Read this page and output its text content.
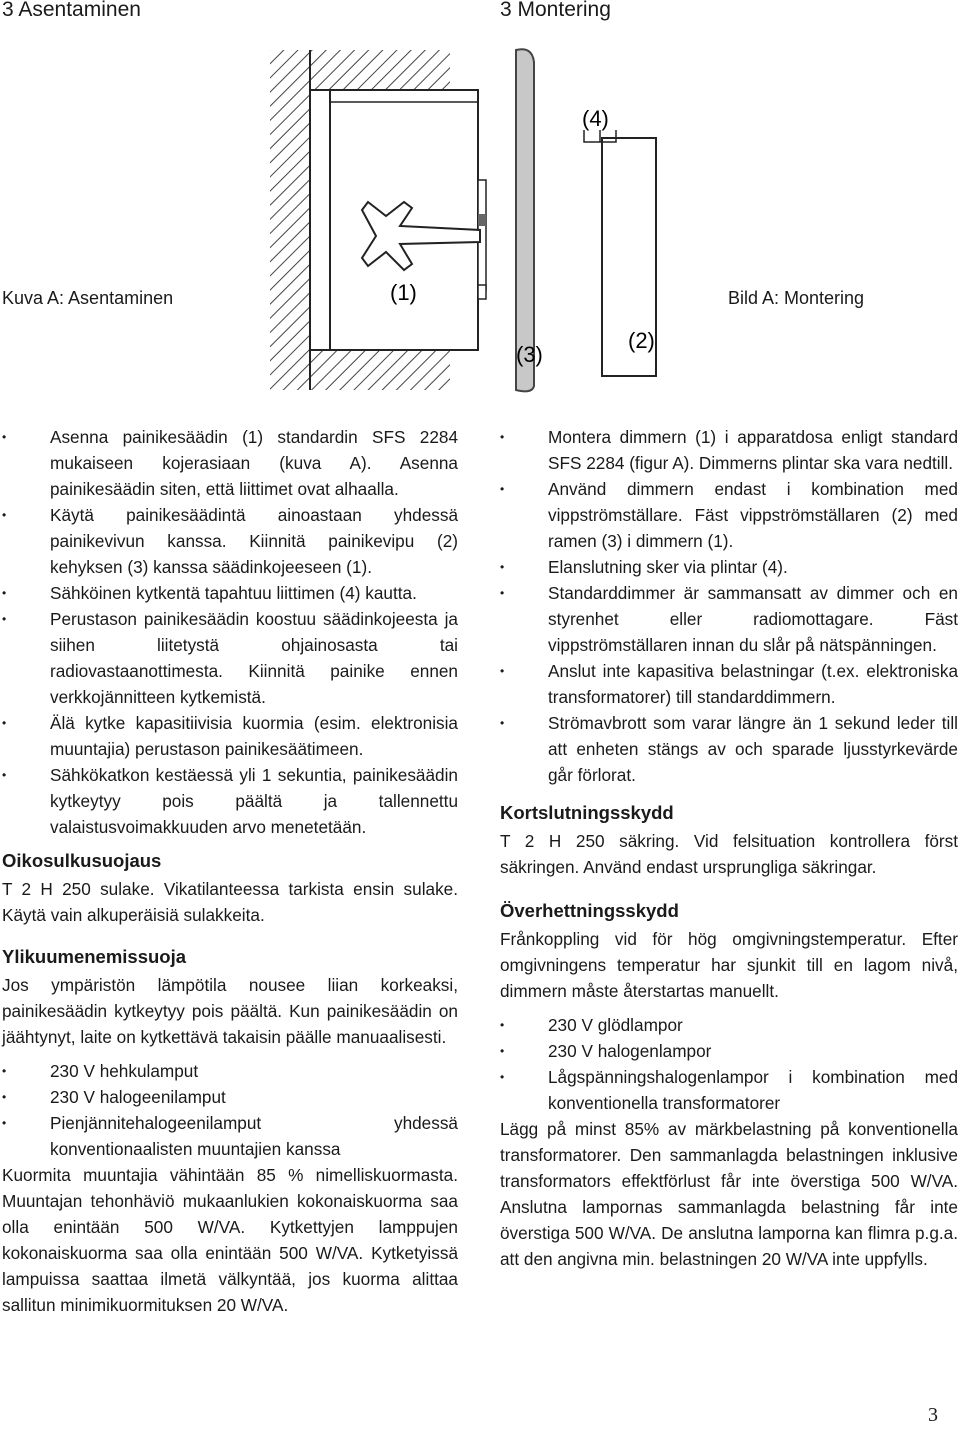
3 Asentaminen	3 Montering
Kuva A: Asentaminen	Bild A: Montering
(1)
(2)
(3)
(4)
• Asenna painikesäädin (1) standardin SFS 2284 mukaiseen kojerasiaan (kuva A). Asenna painikesäädin siten, että liittimet ovat alhaalla.
• Käytä painikesäädintä ainoastaan yhdessä painikevivun kanssa. Kiinnitä painikevipu (2) kehyksen (3) kanssa säädinkojeeseen (1).
• Sähköinen kytkentä tapahtuu liittimen (4) kautta.
• Perustason painikesäädin koostuu säädinkojeesta ja siihen liitetystä ohjainosasta tai radiovastaanottimesta. Kiinnitä painike ennen verkkojännitteen kytkemistä.
• Älä kytke kapasitiivisia kuormia (esim. elektronisia muuntajia) perustason painikesäätimeen.
• Sähkökatkon kestäessä yli 1 sekuntia, painikesäädin kytkeytyy pois päältä ja tallennettu valaistusvoimakkuuden arvo menetetään.
Oikosulkusuojaus

T 2 H 250 sulake. Vikatilanteessa tarkista ensin sulake. Käytä vain alkuperäisiä sulakkeita.

Ylikuumenemissuoja

Jos ympäristön lämpötila nousee liian korkeaksi, painikesäädin kytkeytyy pois päältä. Kun painikesäädin on jäähtynyt, laite on kytkettävä takaisin päälle manuaalisesti.

• 230 V hehkulamput
• 230 V halogeenilamput
• Pienjännitehalogeenilamput yhdessä konventionaalisten muuntajien kanssa

Kuormita muuntajia vähintään 85 % nimelliskuormasta. Muuntajan tehonhäviö mukaanlukien kokonaiskuorma saa olla enintään 500 W/VA. Kytkettyjen lamppujen kokonaiskuorma saa olla enintään 500 W/VA. Kytketyissä lampuissa saattaa ilmetä välkyntää, jos kuorma alittaa sallitun minimikuormituksen 20 W/VA.

• Montera dimmern (1) i apparatdosa enligt standard SFS 2284 (figur A). Dimmerns plintar ska vara nedtill.
• Använd dimmern endast i kombination med vippströmställare. Fäst vippströmställaren (2) med ramen (3) i dimmern (1).
• Elanslutning sker via plintar (4).
• Standarddimmer är sammansatt av dimmer och en styrenhet eller radiomottagare. Fäst vippströmställaren innan du slår på nätspänningen.
• Anslut inte kapasitiva belastningar (t.ex. elektroniska transformatorer) till standarddimmern.
• Strömavbrott som varar längre än 1 sekund leder till att enheten stängs av och sparade ljusstyrkevärde går förlorat.
Kortslutningsskydd

T 2 H 250 säkring. Vid felsituation kontrollera först säkringen. Använd endast ursprungliga säkringar.

Överhettningsskydd

Frånkoppling vid för hög omgivningstemperatur. Efter omgivningens temperatur har sjunkit till en lagom nivå, dimmern måste återstartas manuellt.

• 230 V glödlampor
• 230 V halogenlampor
• Lågspänningshalogenlampor i kombination med konventionella transformatorer

Lägg på minst 85% av märkbelastning på konventionella transformatorer. Den sammanlagda belastningen inklusive transformators effektförlust får inte överstiga 500 W/VA. Anslutna lampornas sammanlagda belastning får inte överstiga 500 W/VA. De anslutna lamporna kan flimra p.g.a. att den angivna min. belastningen 20 W/VA inte uppfylls.

3
